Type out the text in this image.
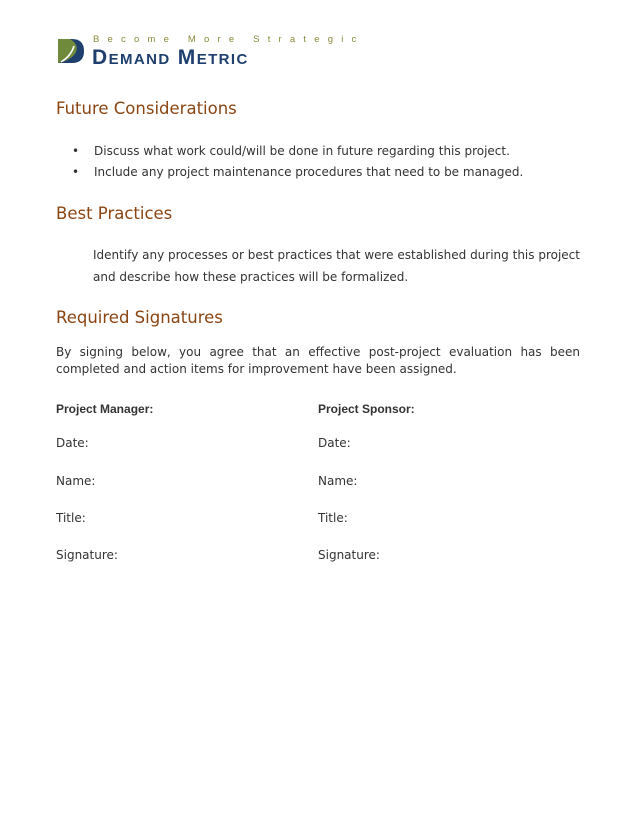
Become More Strategic
Demand Metric
Future Considerations
• Discuss what work could/will be done in future regarding this project.
• Include any project maintenance procedures that need to be managed.
Best Practices
Identify any processes or best practices that were established during this project and describe how these practices will be formalized.
Required Signatures
By signing below, you agree that an effective post-project evaluation has been completed and action items for improvement have been assigned.
Project Manager:	Project Sponsor:
Date:	Date:
Name:	Name:
Title:	Title:
Signature:	Signature:
